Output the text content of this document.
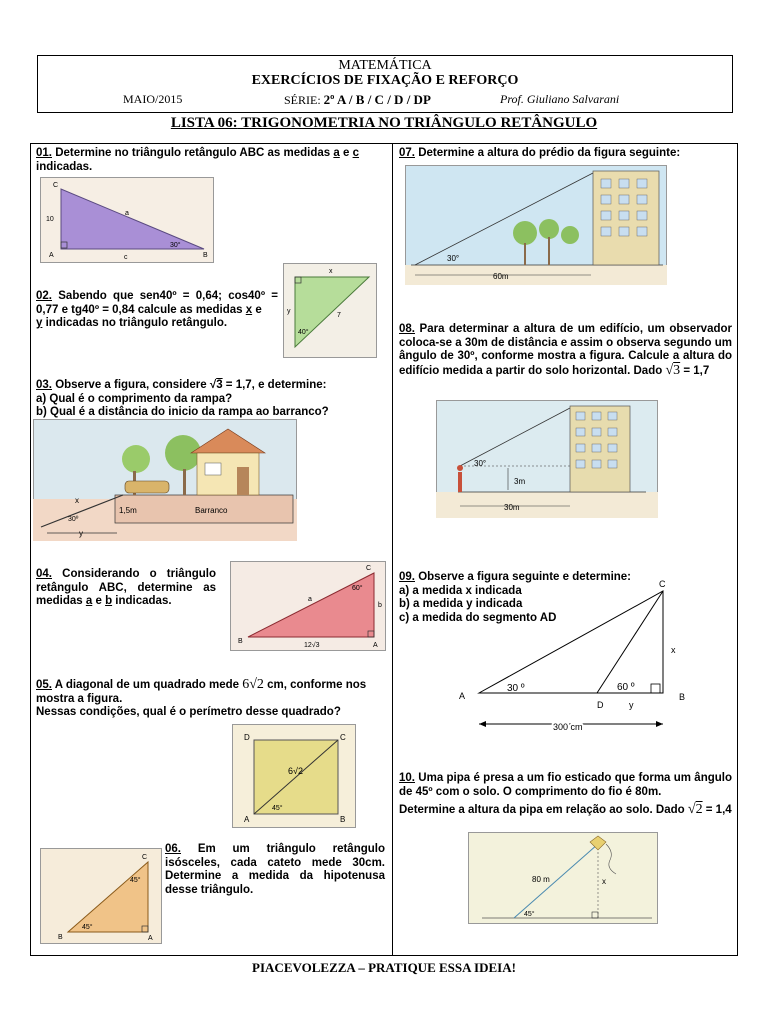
MATEMÁTICA
EXERCÍCIOS DE FIXAÇÃO E REFORÇO
MAIO/2015	SÉRIE: 2º A / B / C / D / DP	Prof. Giuliano Salvarani
LISTA 06: TRIGONOMETRIA NO TRIÂNGULO RETÂNGULO
01. Determine no triângulo retângulo ABC as medidas a e c
indicadas.
C
10
a
A	c
30°
B
02. Sabendo que sen40º = 0,64; cos40º = 0,77 e tg40º = 0,84 calcule as medidas x e
y indicadas no triângulo retângulo.
x
y
7
40°
03. Observe a figura, considere √3 = 1,7, e determine:
a) Qual é o comprimento da rampa?
b) Qual é a distância do inicio da rampa ao barranco?
x
30º
1,5m	Barranco
y
04. Considerando o triângulo retângulo ABC, determine as medidas a e b indicadas.
C
60°
a
b
B
12√3	A
05. A diagonal de um quadrado mede 6√2 cm, conforme nos mostra a figura.
Nessas condições, qual é o perímetro desse quadrado?
D	C
A	B
6√2
45°
C
45°
B
45°
A
06. Em um triângulo retângulo isósceles, cada cateto mede 30cm. Determine a medida da hipotenusa desse triângulo.
07. Determine a altura do prédio da figura seguinte:
30°
60m
08. Para determinar a altura de um edifício, um observador coloca-se a 30m de distância e assim o observa segundo um ângulo de 30º, conforme mostra a figura. Calcule a altura do edifício medida a partir do solo horizontal. Dado √3 = 1,7
30°
3m
30m
09. Observe a figura seguinte e determine:
a) a medida x indicada
b) a medida y indicada
c) a medida do segmento AD
C
x
A
30 º	60 º
B
D	y
300 cm
10. Uma pipa é presa a um fio esticado que forma um ângulo de 45º com o solo. O comprimento do fio é 80m.
Determine a altura da pipa em relação ao solo. Dado √2 = 1,4
80 m	x
45°
PIACEVOLEZZA – PRATIQUE ESSA IDEIA!
